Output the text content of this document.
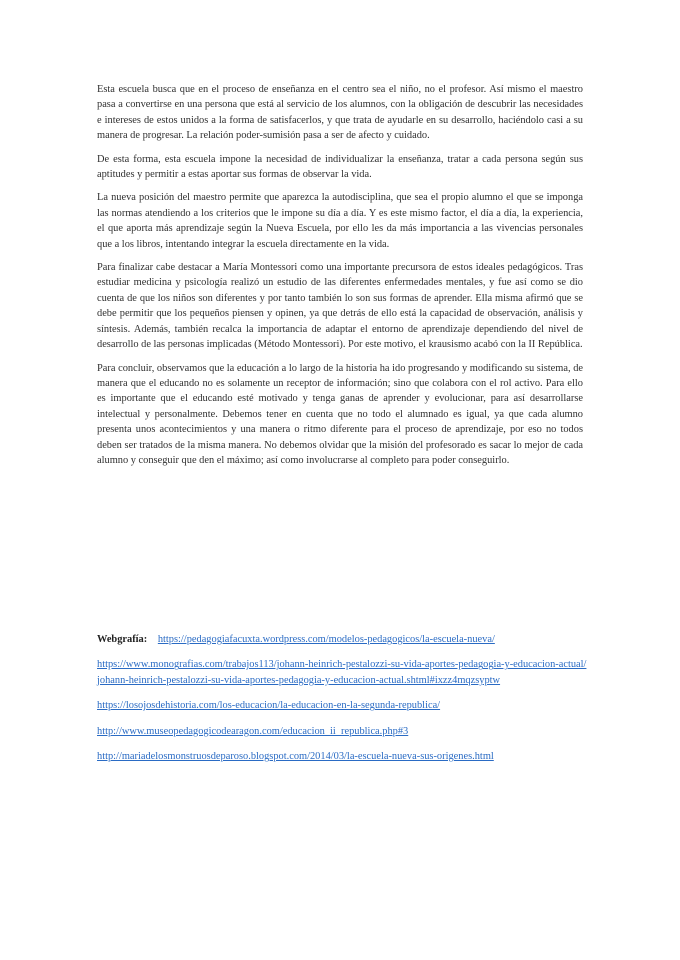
Esta escuela busca que en el proceso de enseñanza en el centro sea el niño, no el profesor. Así mismo el maestro pasa a convertirse en una persona que está al servicio de los alumnos, con la obligación de descubrir las necesidades e intereses de estos unidos a la forma de satisfacerlos, y que trata de ayudarle en su desarrollo, haciéndolo casi a su manera de progresar. La relación poder-sumisión pasa a ser de afecto y cuidado.

De esta forma, esta escuela impone la necesidad de individualizar la enseñanza, tratar a cada persona según sus aptitudes y permitir a estas aportar sus formas de observar la vida.

La nueva posición del maestro permite que aparezca la autodisciplina, que sea el propio alumno el que se imponga las normas atendiendo a los criterios que le impone su día a día. Y es este mismo factor, el día a día, la experiencia, el que aporta más aprendizaje según la Nueva Escuela, por ello les da más importancia a las vivencias personales que a los libros, intentando integrar la escuela directamente en la vida.

Para finalizar cabe destacar a María Montessori como una importante precursora de estos ideales pedagógicos. Tras estudiar medicina y psicología realizó un estudio de las diferentes enfermedades mentales, y fue así como se dio cuenta de que los niños son diferentes y por tanto también lo son sus formas de aprender. Ella misma afirmó que se debe permitir que los pequeños piensen y opinen, ya que detrás de ello está la capacidad de observación, análisis y síntesis. Además, también recalca la importancia de adaptar el entorno de aprendizaje dependiendo del nivel de desarrollo de las personas implicadas (Método Montessori). Por este motivo, el krausismo acabó con la II República.

Para concluir, observamos que la educación a lo largo de la historia ha ido progresando y modificando su sistema, de manera que el educando no es solamente un receptor de información; sino que colabora con el rol activo. Para ello es importante que el educando esté motivado y tenga ganas de aprender y evolucionar, para así desarrollarse intelectual y personalmente. Debemos tener en cuenta que no todo el alumnado es igual, ya que cada alumno presenta unos acontecimientos y una manera o ritmo diferente para el proceso de aprendizaje, por eso no todos deben ser tratados de la misma manera. No debemos olvidar que la misión del profesorado es sacar lo mejor de cada alumno y conseguir que den el máximo; así como involucrarse al completo para poder conseguirlo.

Webgrafía: https://pedagogiafacuxta.wordpress.com/modelos-pedagogicos/la-escuela-nueva/
https://www.monografias.com/trabajos113/johann-heinrich-pestalozzi-su-vida-aportes-pedagogia-y-educacion-actual/johann-heinrich-pestalozzi-su-vida-aportes-pedagogia-y-educacion-actual.shtml#ixzz4mqzsyptw
https://losojosdehistoria.com/los-educacion/la-educacion-en-la-segunda-republica/
http://www.museopedagogicodearagon.com/educacion_ii_republica.php#3
http://mariadelosmonstruosdeparoso.blogspot.com/2014/03/la-escuela-nueva-sus-origenes.html
